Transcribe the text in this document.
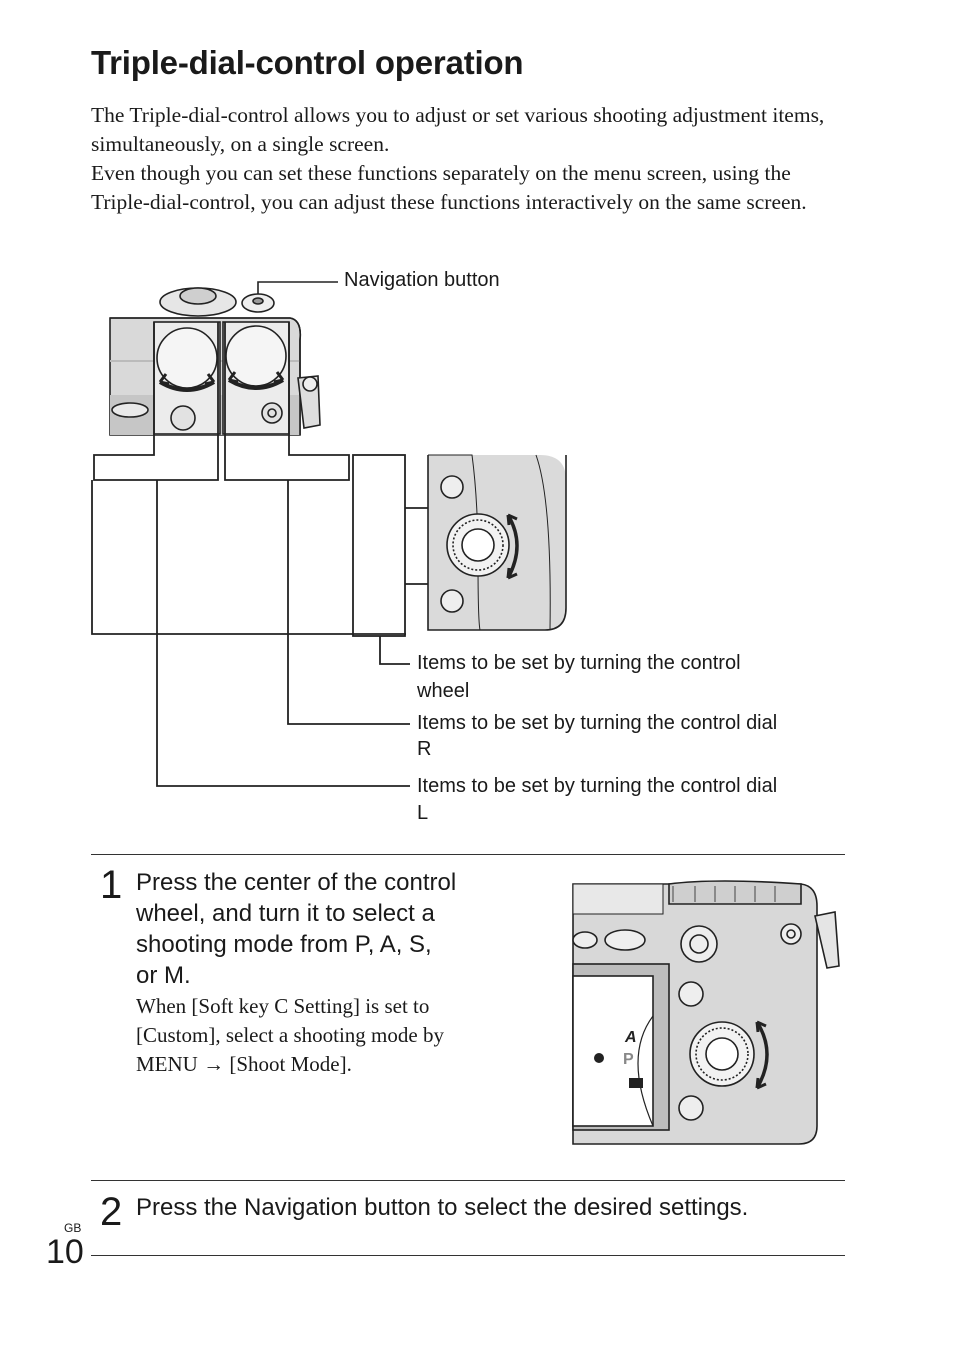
Triple-dial-control operation

The Triple-dial-control allows you to adjust or set various shooting adjustment items, simultaneously, on a single screen.

Even though you can set these functions separately on the menu screen, using the Triple-dial-control, you can adjust these functions interactively on the same screen.

Navigation button
Items to be set by turning the control
wheel
Items to be set by turning the control dial
R
Items to be set by turning the control dial
L
1 Press the center of the control
wheel, and turn it to select a
shooting mode from P, A, S,
or M.
When [Soft key C Setting] is set to
[Custom], select a shooting mode by
MENU → [Shoot Mode].
A
P
2 Press the Navigation button to select the desired settings.
GB
10
